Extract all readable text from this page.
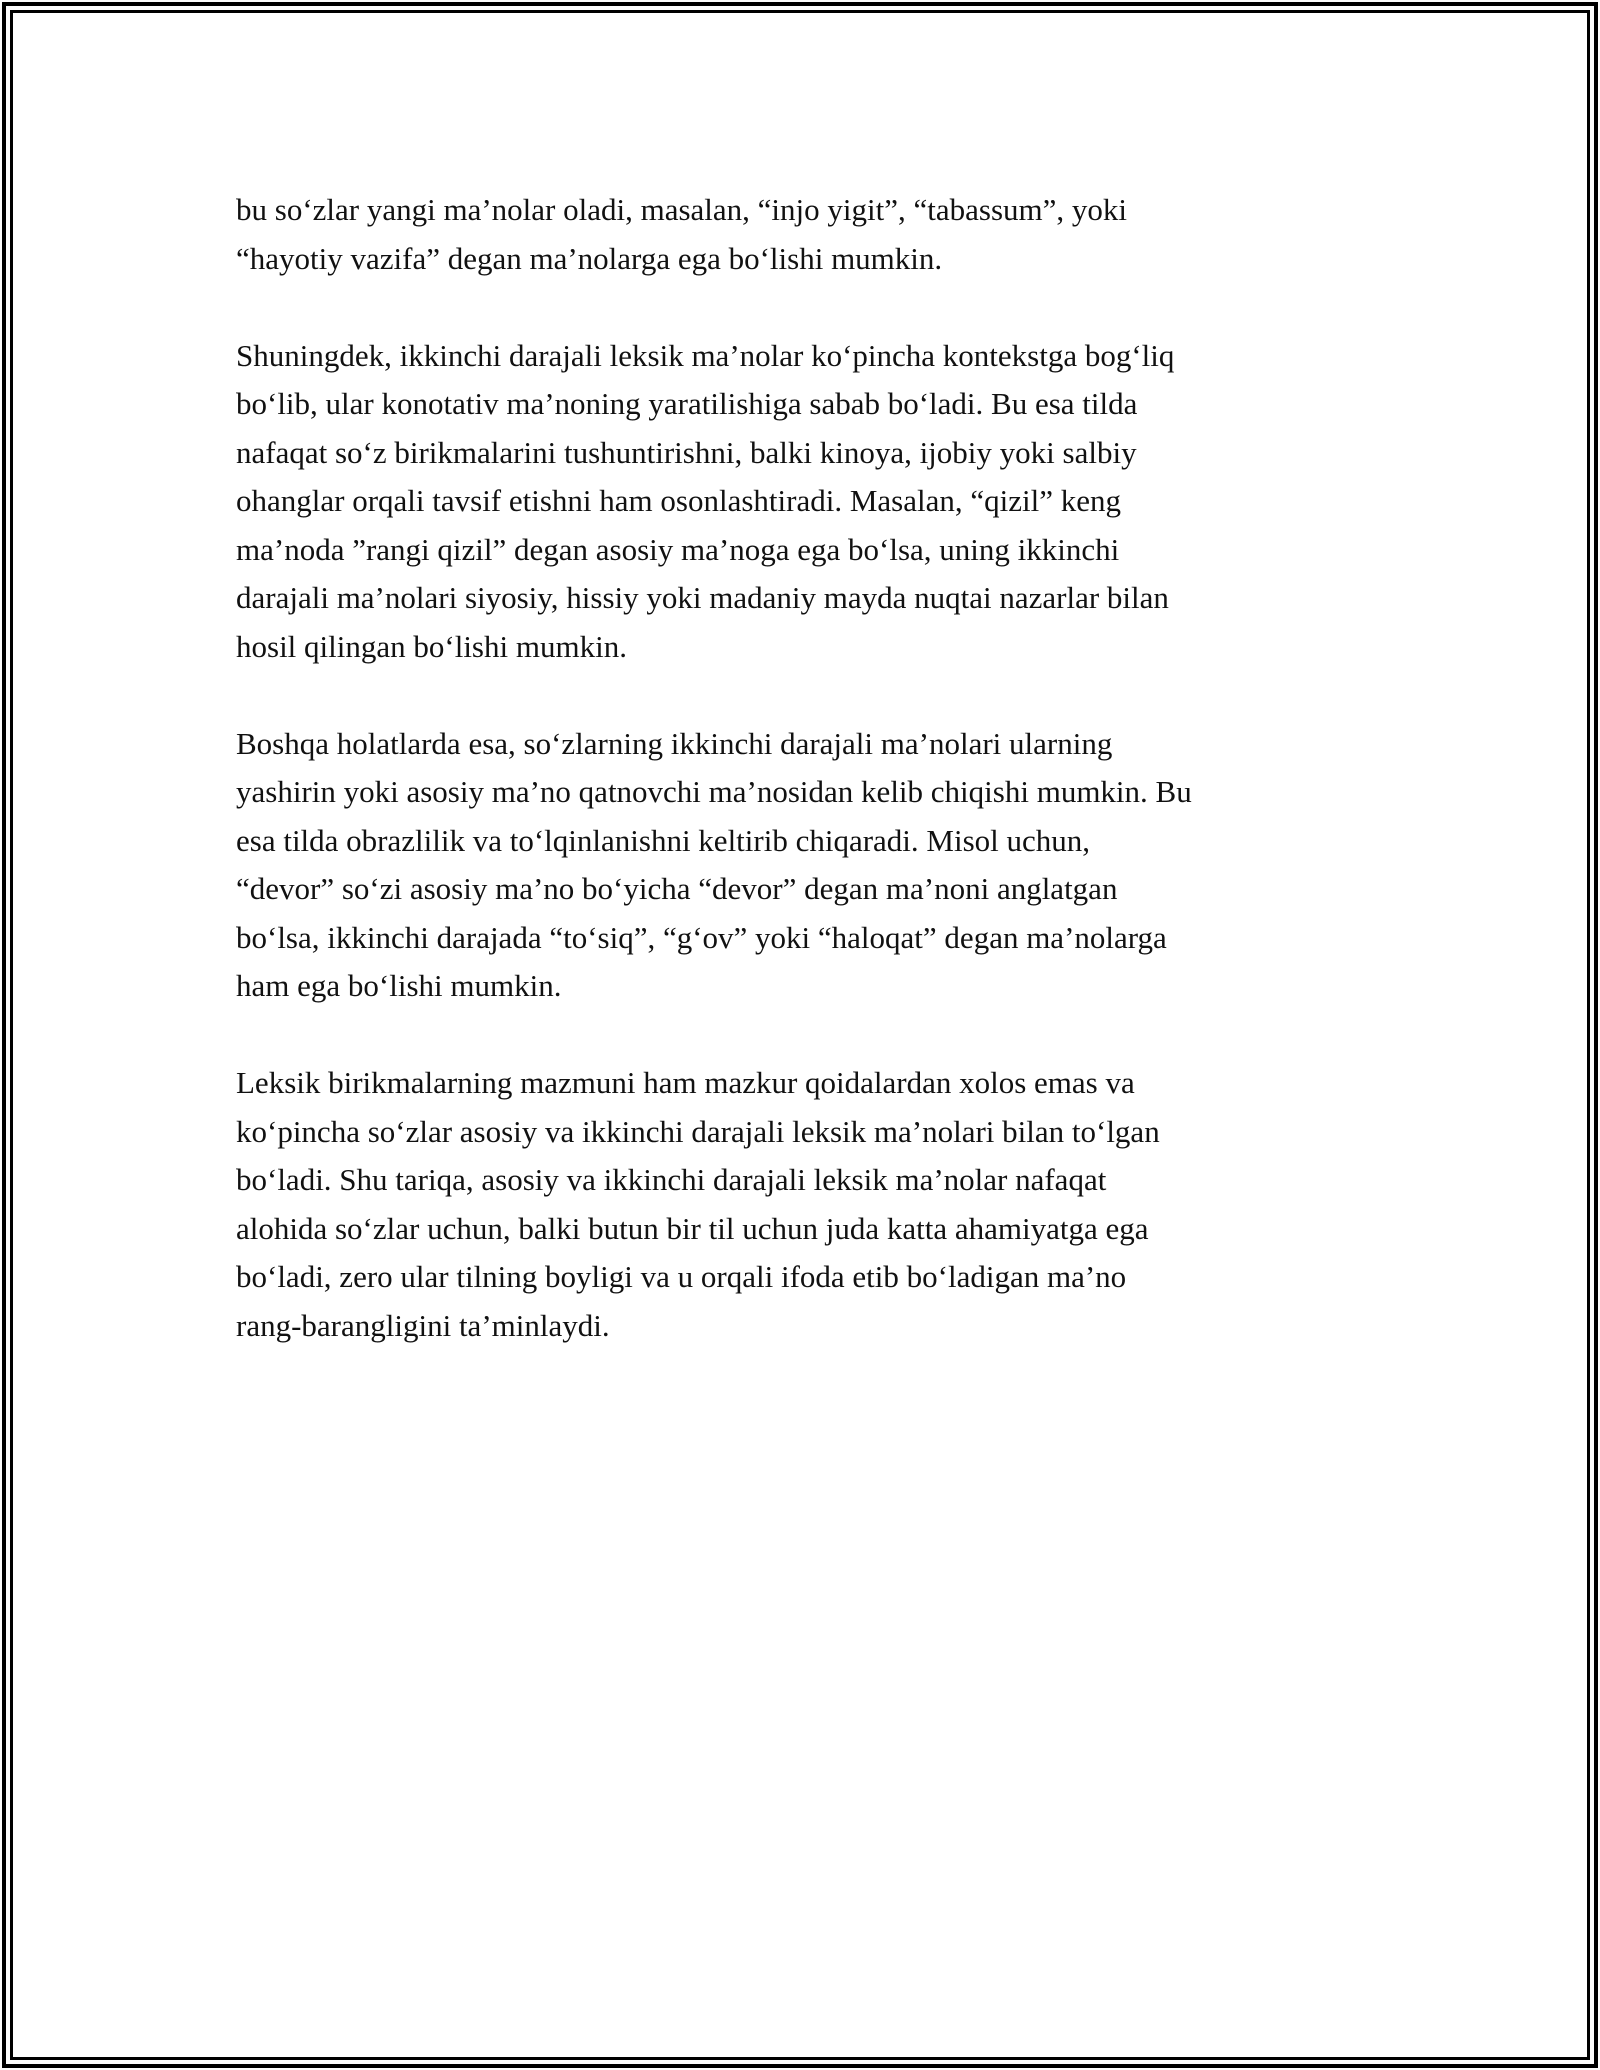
bu so‘zlar yangi ma’nolar oladi, masalan, “injo yigit”, “tabassum”, yoki
“hayotiy vazifa” degan ma’nolarga ega bo‘lishi mumkin.

Shuningdek, ikkinchi darajali leksik ma’nolar ko‘pincha kontekstga bog‘liq
bo‘lib, ular konotativ ma’noning yaratilishiga sabab bo‘ladi. Bu esa tilda
nafaqat so‘z birikmalarini tushuntirishni, balki kinoya, ijobiy yoki salbiy
ohanglar orqali tavsif etishni ham osonlashtiradi. Masalan, “qizil” keng
ma’noda ”rangi qizil” degan asosiy ma’noga ega bo‘lsa, uning ikkinchi
darajali ma’nolari siyosiy, hissiy yoki madaniy mayda nuqtai nazarlar bilan
hosil qilingan bo‘lishi mumkin.

Boshqa holatlarda esa, so‘zlarning ikkinchi darajali ma’nolari ularning
yashirin yoki asosiy ma’no qatnovchi ma’nosidan kelib chiqishi mumkin. Bu
esa tilda obrazlilik va to‘lqinlanishni keltirib chiqaradi. Misol uchun,
“devor” so‘zi asosiy ma’no bo‘yicha “devor” degan ma’noni anglatgan
bo‘lsa, ikkinchi darajada “to‘siq”, “g‘ov” yoki “haloqat” degan ma’nolarga
ham ega bo‘lishi mumkin.

Leksik birikmalarning mazmuni ham mazkur qoidalardan xolos emas va
ko‘pincha so‘zlar asosiy va ikkinchi darajali leksik ma’nolari bilan to‘lgan
bo‘ladi. Shu tariqa, asosiy va ikkinchi darajali leksik ma’nolar nafaqat
alohida so‘zlar uchun, balki butun bir til uchun juda katta ahamiyatga ega
bo‘ladi, zero ular tilning boyligi va u orqali ifoda etib bo‘ladigan ma’no
rang-barangligini ta’minlaydi.
